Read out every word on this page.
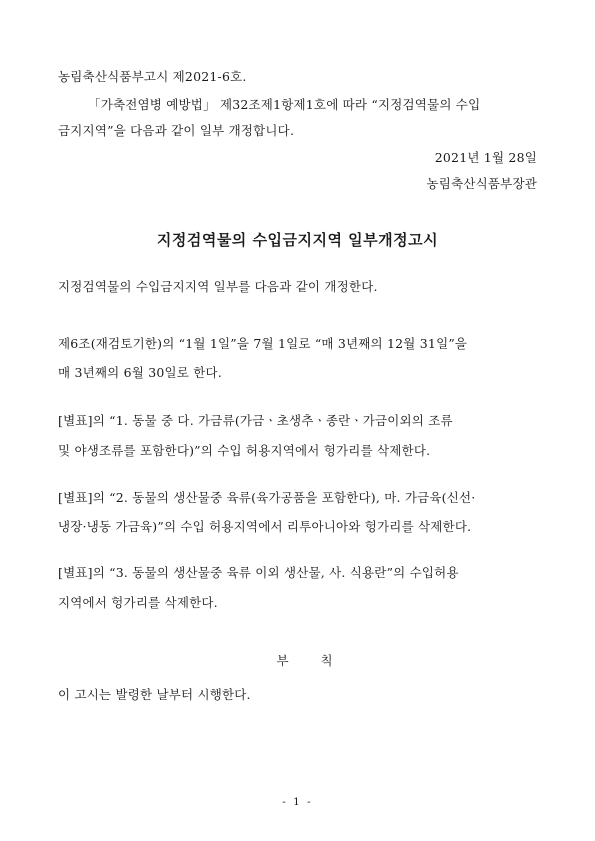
농림축산식품부고시 제2021-6호.
「가축전염병 예방법」 제32조제1항제1호에 따라 “지정검역물의 수입
금지지역”을 다음과 같이 일부 개정합니다.
2021년 1월 28일
농림축산식품부장관
지정검역물의 수입금지지역 일부개정고시
지정검역물의 수입금지지역 일부를 다음과 같이 개정한다.
제6조(재검토기한)의 “1월 1일”을 7월 1일로 “매 3년째의 12월 31일”을
매 3년째의 6월 30일로 한다.
[별표]의 “1. 동물 중 다. 가금류(가금ㆍ초생추ㆍ종란ㆍ가금이외의 조류
및 야생조류를 포함한다)”의 수입 허용지역에서 헝가리를 삭제한다.
[별표]의 “2. 동물의 생산물중 육류(육가공품을 포함한다), 마. 가금육(신선·
냉장·냉동 가금육)”의 수입 허용지역에서 리투아니아와 헝가리를 삭제한다.
[별표]의 “3. 동물의 생산물중 육류 이외 생산물, 사. 식용란”의 수입허용
지역에서 헝가리를 삭제한다.
부 칙
이 고시는 발령한 날부터 시행한다.
- 1 -
